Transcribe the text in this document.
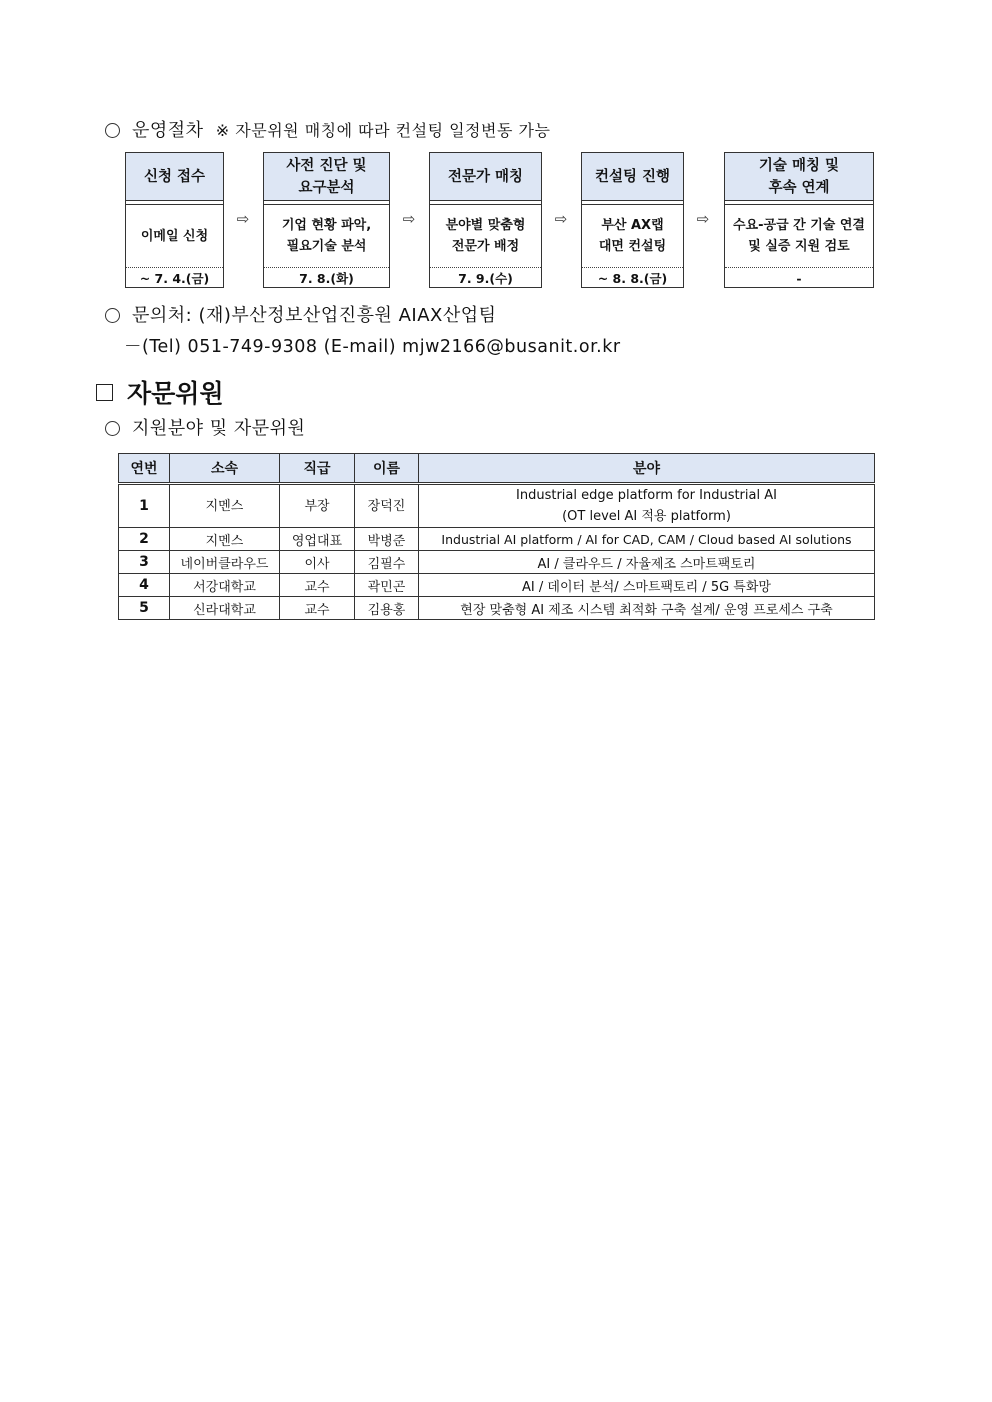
운영절차 ※ 자문위원 매칭에 따라 컨설팅 일정변동 가능
신청 접수
이메일 신청
~ 7. 4.(금)
⇨
사전 진단 및
요구분석
기업 현황 파악,
필요기술 분석
7. 8.(화)
⇨
전문가 매칭
분야별 맞춤형
전문가 배정
7. 9.(수)
⇨
컨설팅 진행
부산 AX랩
대면 컨설팅
~ 8. 8.(금)
⇨
기술 매칭 및
후속 연계
수요-공급 간 기술 연결
및 실증 지원 검토
-
문의처: (재)부산정보산업진흥원 AIAX산업팀
－(Tel) 051-749-9308 (E-mail) mjw2166@busanit.or.kr
자문위원
지원분야 및 자문위원
연번	소속	직급	이름	분야
1	지멘스	부장	장덕진	Industrial edge platform for Industrial AI
(OT level AI 적용 platform)

2	지멘스	영업대표	박병준	Industrial AI platform / AI for CAD, CAM / Cloud based AI solutions
3	네이버클라우드	이사	김필수	AI / 클라우드 / 자율제조 스마트팩토리
4	서강대학교	교수	곽민곤	AI / 데이터 분석/ 스마트팩토리 / 5G 특화망
5	신라대학교	교수	김용홍	현장 맞춤형 AI 제조 시스템 최적화 구축 설계/ 운영 프로세스 구축
